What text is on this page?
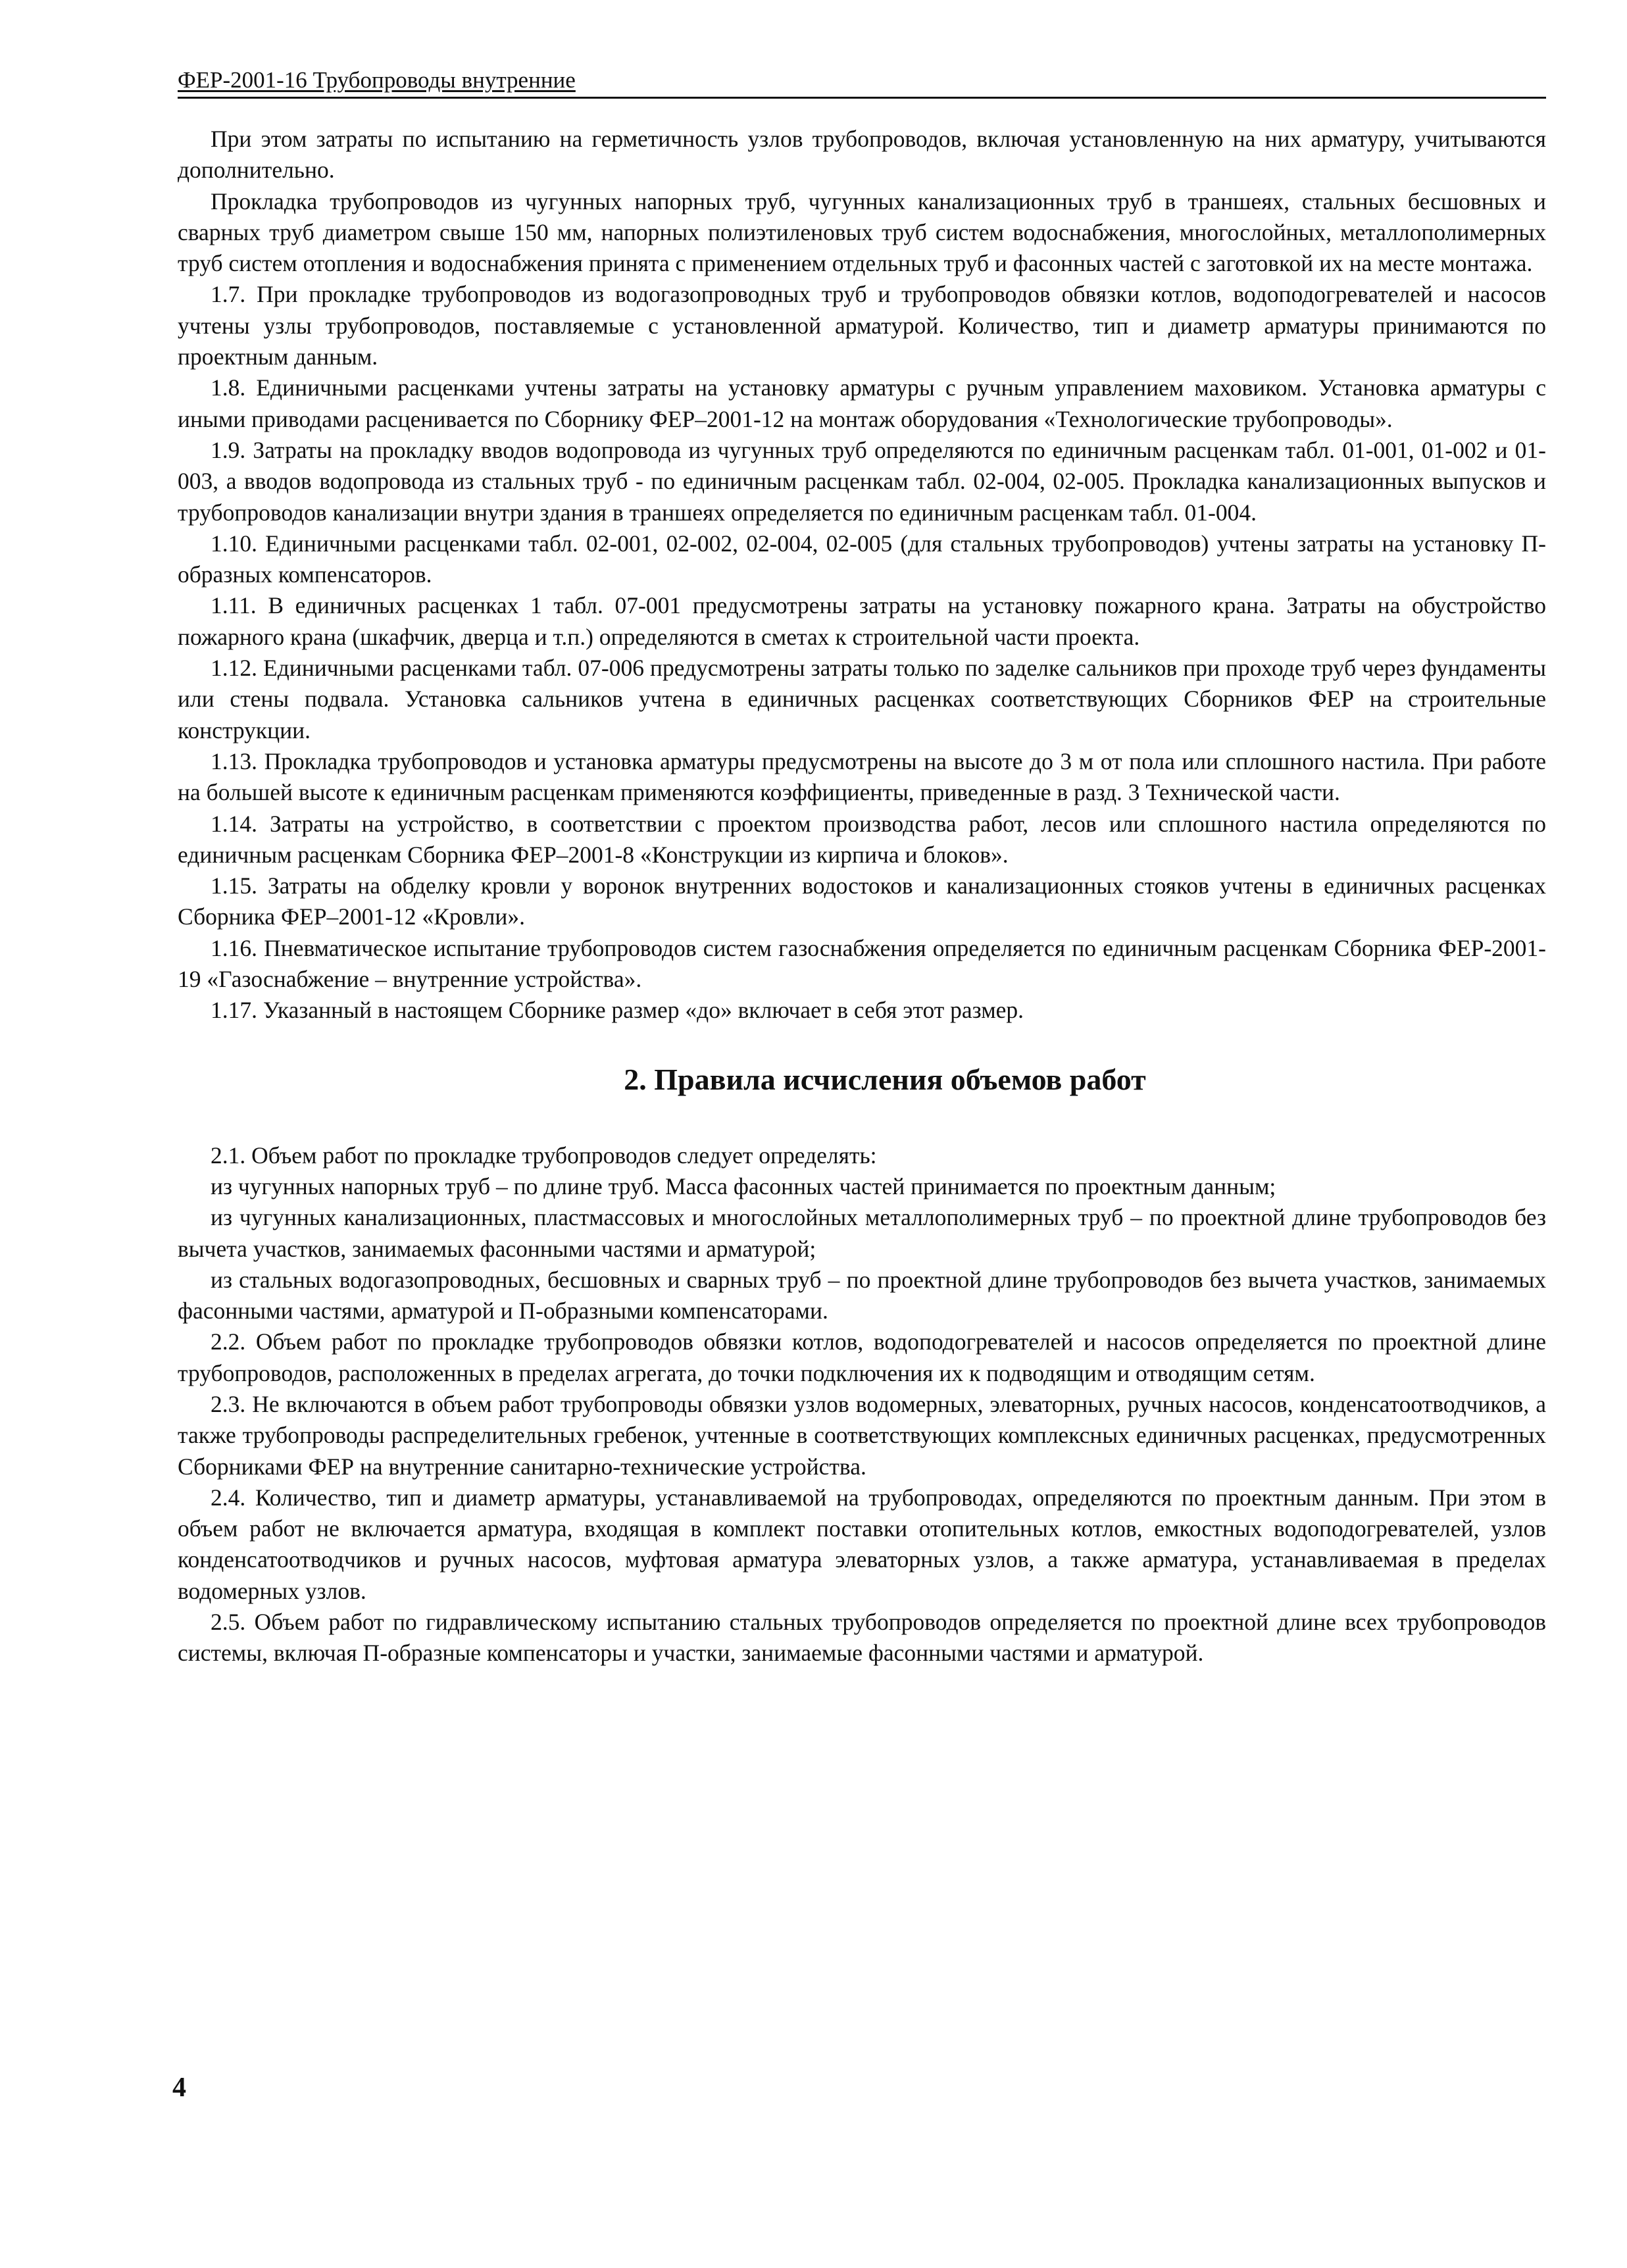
ФЕР-2001-16 Трубопроводы внутренние

При этом затраты по испытанию на герметичность узлов трубопроводов, включая установленную на них арматуру, учитываются дополнительно.

Прокладка трубопроводов из чугунных напорных труб, чугунных канализационных труб в траншеях, стальных бесшовных и сварных труб диаметром свыше 150 мм, напорных полиэтиленовых труб систем водоснабжения, многослойных, металлополимерных труб систем отопления и водоснабжения принята с применением отдельных труб и фасонных частей с заготовкой их на месте монтажа.

1.7. При прокладке трубопроводов из водогазопроводных труб и трубопроводов обвязки котлов, водоподогревателей и насосов учтены узлы трубопроводов, поставляемые с установленной арматурой. Количество, тип и диаметр арматуры принимаются по проектным данным.

1.8. Единичными расценками учтены затраты на установку арматуры с ручным управлением маховиком. Установка арматуры с иными приводами расценивается по Сборнику ФЕР–2001-12 на монтаж оборудования «Технологические трубопроводы».

1.9. Затраты на прокладку вводов водопровода из чугунных труб определяются по единичным расценкам табл. 01-001, 01-002 и 01-003, а вводов водопровода из стальных труб - по единичным расценкам табл. 02-004, 02-005. Прокладка канализационных выпусков и трубопроводов канализации внутри здания в траншеях определяется по единичным расценкам табл. 01-004.

1.10. Единичными расценками табл. 02-001, 02-002, 02-004, 02-005 (для стальных трубопроводов) учтены затраты на установку П-образных компенсаторов.

1.11. В единичных расценках 1 табл. 07-001 предусмотрены затраты на установку пожарного крана. Затраты на обустройство пожарного крана (шкафчик, дверца и т.п.) определяются в сметах к строительной части проекта.

1.12. Единичными расценками табл. 07-006 предусмотрены затраты только по заделке сальников при проходе труб через фундаменты или стены подвала. Установка сальников учтена в единичных расценках соответствующих Сборников ФЕР на строительные конструкции.

1.13. Прокладка трубопроводов и установка арматуры предусмотрены на высоте до 3 м от пола или сплошного настила. При работе на большей высоте к единичным расценкам применяются коэффициенты, приведенные в разд. 3 Технической части.

1.14. Затраты на устройство, в соответствии с проектом производства работ, лесов или сплошного настила определяются по единичным расценкам Сборника ФЕР–2001-8 «Конструкции из кирпича и блоков».

1.15. Затраты на обделку кровли у воронок внутренних водостоков и канализационных стояков учтены в единичных расценках Сборника ФЕР–2001-12 «Кровли».

1.16. Пневматическое испытание трубопроводов систем газоснабжения определяется по единичным расценкам Сборника ФЕР-2001-19 «Газоснабжение – внутренние устройства».

1.17. Указанный в настоящем Сборнике размер «до» включает в себя этот размер.

2. Правила исчисления объемов работ

2.1. Объем работ по прокладке трубопроводов следует определять:

из чугунных напорных труб – по длине труб. Масса фасонных частей принимается по проектным данным;

из чугунных канализационных, пластмассовых и многослойных металлополимерных труб – по проектной длине трубопроводов без вычета участков, занимаемых фасонными частями и арматурой;

из стальных водогазопроводных, бесшовных и сварных труб – по проектной длине трубопроводов без вычета участков, занимаемых фасонными частями, арматурой и П-образными компенсаторами.

2.2. Объем работ по прокладке трубопроводов обвязки котлов, водоподогревателей и насосов определяется по проектной длине трубопроводов, расположенных в пределах агрегата, до точки подключения их к подводящим и отводящим сетям.

2.3. Не включаются в объем работ трубопроводы обвязки узлов водомерных, элеваторных, ручных насосов, конденсатоотводчиков, а также трубопроводы распределительных гребенок, учтенные в соответствующих комплексных единичных расценках, предусмотренных Сборниками ФЕР на внутренние санитарно-технические устройства.

2.4. Количество, тип и диаметр арматуры, устанавливаемой на трубопроводах, определяются по проектным данным. При этом в объем работ не включается арматура, входящая в комплект поставки отопительных котлов, емкостных водоподогревателей, узлов конденсатоотводчиков и ручных насосов, муфтовая арматура элеваторных узлов, а также арматура, устанавливаемая в пределах водомерных узлов.

2.5. Объем работ по гидравлическому испытанию стальных трубопроводов определяется по проектной длине всех трубопроводов системы, включая П-образные компенсаторы и участки, занимаемые фасонными частями и арматурой.

4
